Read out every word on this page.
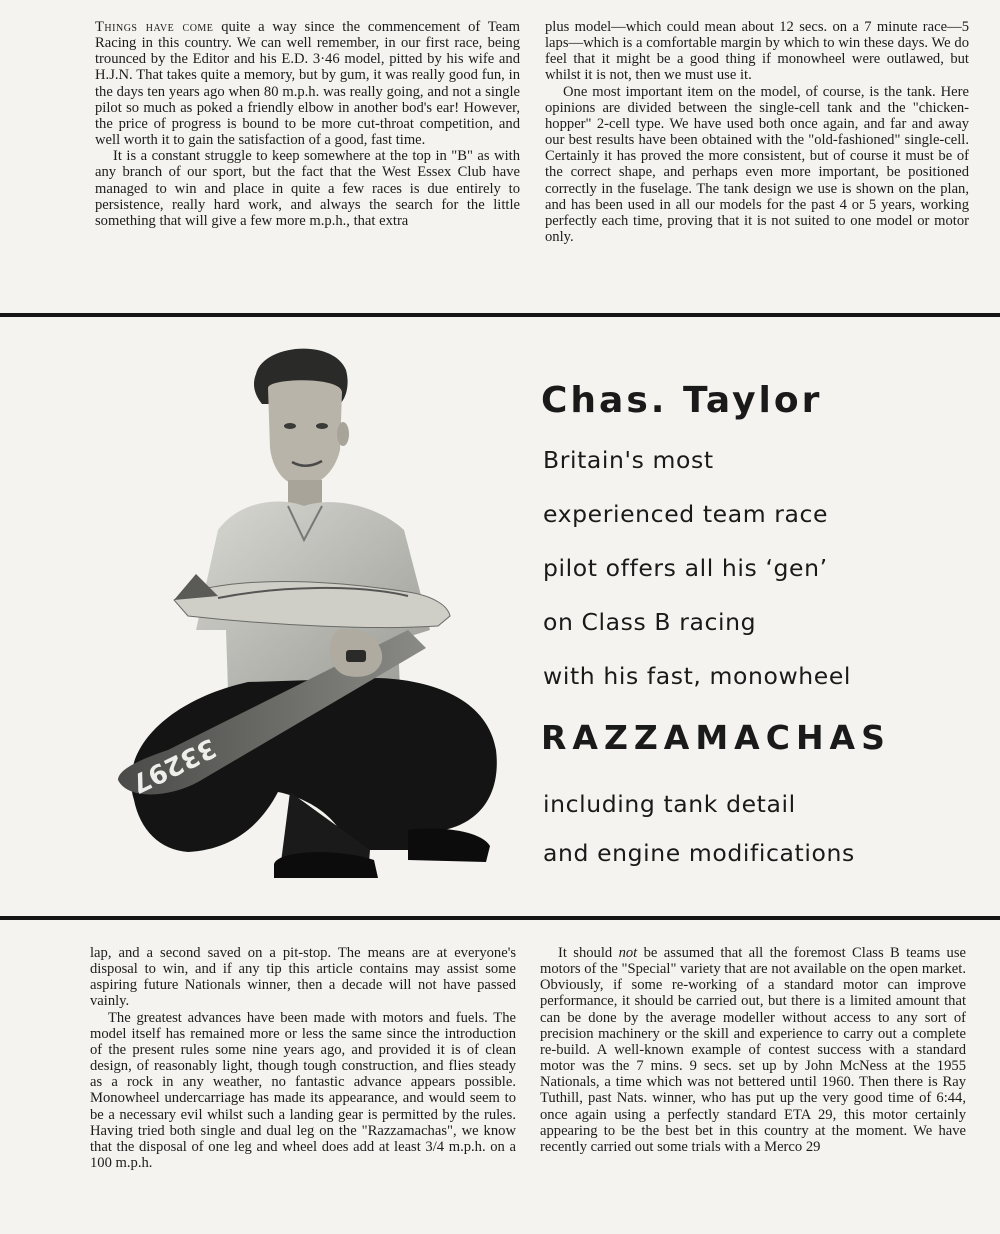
Things have come quite a way since the commencement of Team Racing in this country. We can well remember, in our first race, being trounced by the Editor and his E.D. 3·46 model, pitted by his wife and H.J.N. That takes quite a memory, but by gum, it was really good fun, in the days ten years ago when 80 m.p.h. was really going, and not a single pilot so much as poked a friendly elbow in another bod's ear! However, the price of progress is bound to be more cut-throat competition, and well worth it to gain the satisfaction of a good, fast time.

It is a constant struggle to keep somewhere at the top in "B" as with any branch of our sport, but the fact that the West Essex Club have managed to win and place in quite a few races is due entirely to persistence, really hard work, and always the search for the little something that will give a few more m.p.h., that extra

plus model—which could mean about 12 secs. on a 7 minute race—5 laps—which is a comfortable margin by which to win these days. We do feel that it might be a good thing if monowheel were outlawed, but whilst it is not, then we must use it.

One most important item on the model, of course, is the tank. Here opinions are divided between the single-cell tank and the "chicken-hopper" 2-cell type. We have used both once again, and far and away our best results have been obtained with the "old-fashioned" single-cell. Certainly it has proved the more consistent, but of course it must be of the correct shape, and perhaps even more important, be positioned correctly in the fuselage. The tank design we use is shown on the plan, and has been used in all our models for the past 4 or 5 years, working perfectly each time, proving that it is not suited to one model or motor only.

33297
Chas. Taylor
Britain's most
experienced team race
pilot offers all his ‘gen’
on Class B racing
with his fast, monowheel
RAZZAMACHAS
including tank detail
and engine modifications

lap, and a second saved on a pit-stop. The means are at everyone's disposal to win, and if any tip this article contains may assist some aspiring future Nationals winner, then a decade will not have passed vainly.

The greatest advances have been made with motors and fuels. The model itself has remained more or less the same since the introduction of the present rules some nine years ago, and provided it is of clean design, of reasonably light, though tough construction, and flies steady as a rock in any weather, no fantastic advance appears possible. Monowheel undercarriage has made its appearance, and would seem to be a necessary evil whilst such a landing gear is permitted by the rules. Having tried both single and dual leg on the "Razzamachas", we know that the disposal of one leg and wheel does add at least 3/4 m.p.h. on a 100 m.p.h.

It should not be assumed that all the foremost Class B teams use motors of the "Special" variety that are not available on the open market. Obviously, if some re-working of a standard motor can improve performance, it should be carried out, but there is a limited amount that can be done by the average modeller without access to any sort of precision machinery or the skill and experience to carry out a complete re-build. A well-known example of contest success with a standard motor was the 7 mins. 9 secs. set up by John McNess at the 1955 Nationals, a time which was not bettered until 1960. Then there is Ray Tuthill, past Nats. winner, who has put up the very good time of 6:44, once again using a perfectly standard ETA 29, this motor certainly appearing to be the best bet in this country at the moment. We have recently carried out some trials with a Merco 29
